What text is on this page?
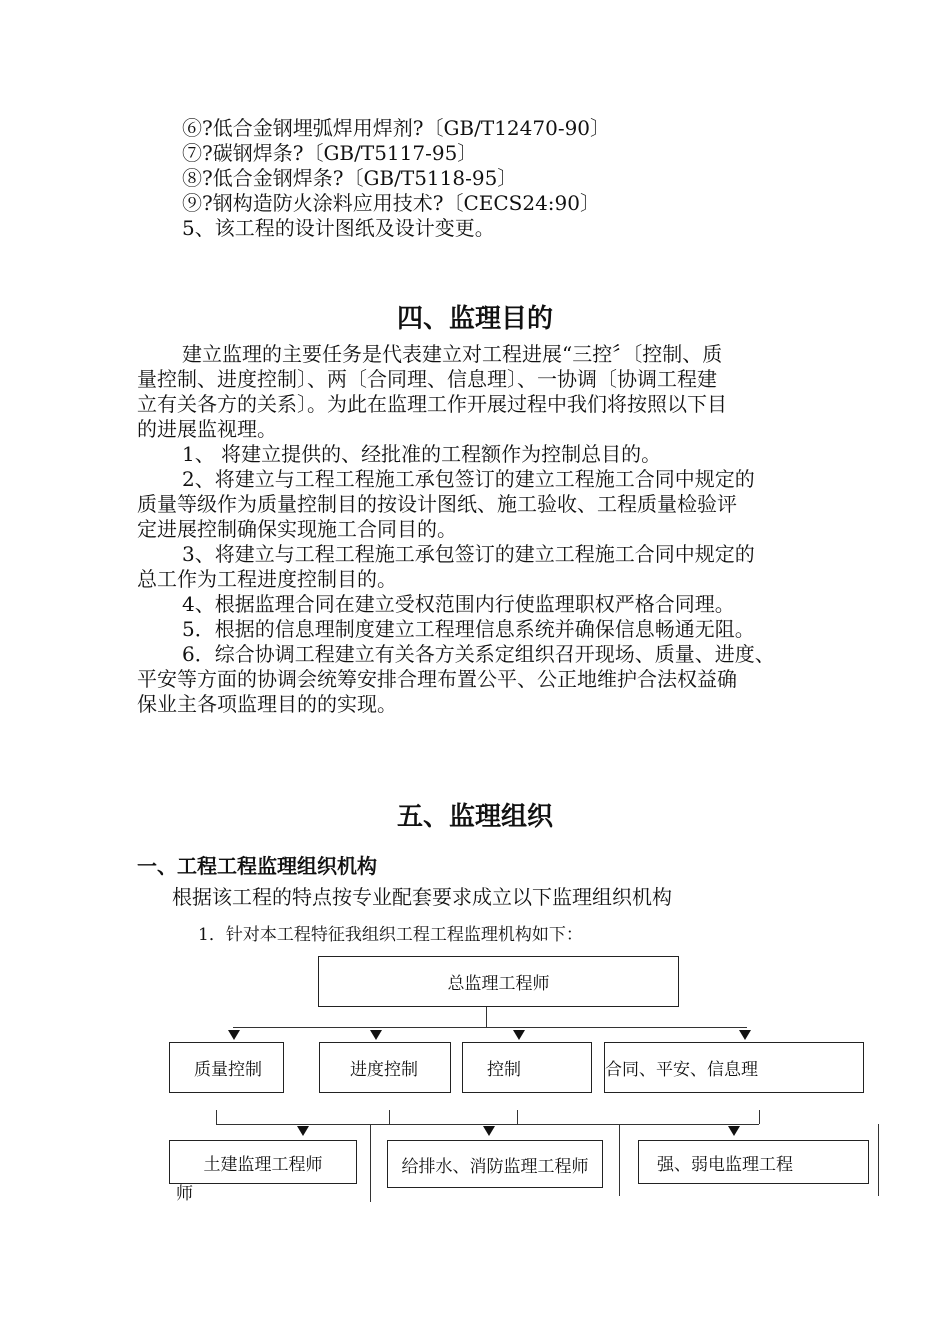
⑥?低合金钢埋弧焊用焊剂?〔GB/T12470-90〕
⑦?碳钢焊条?〔GB/T5117-95〕
⑧?低合金钢焊条?〔GB/T5118-95〕
⑨?钢构造防火涂料应用技术?〔CECS24:90〕
5、该工程的设计图纸及设计变更。
四、监理目的
建立监理的主要任务是代表建立对工程进展“三控〞〔控制、质
量控制、进度控制〕、两〔合同理、信息理〕、一协调〔协调工程建
立有关各方的关系〕。为此在监理工作开展过程中我们将按照以下目
的进展监视理。
1、 将建立提供的、经批准的工程额作为控制总目的。
2、将建立与工程工程施工承包签订的建立工程施工合同中规定的
质量等级作为质量控制目的按设计图纸、施工验收、工程质量检验评
定进展控制确保实现施工合同目的。
3、将建立与工程工程施工承包签订的建立工程施工合同中规定的
总工作为工程进度控制目的。
4、根据监理合同在建立受权范围内行使监理职权严格合同理。
5．根据的信息理制度建立工程理信息系统并确保信息畅通无阻。
6．综合协调工程建立有关各方关系定组织召开现场、质量、进度、
平安等方面的协调会统筹安排合理布置公平、公正地维护合法权益确
保业主各项监理目的的实现。
五、监理组织
一、工程工程监理组织机构
根据该工程的特点按专业配套要求成立以下监理组织机构
1．针对本工程特征我组织工程工程监理机构如下：
总监理工程师
质量控制	进度控制	控制	合同、平安、信息理
土建监理工程师	给排水、消防监理工程师	强、弱电监理工程
师
